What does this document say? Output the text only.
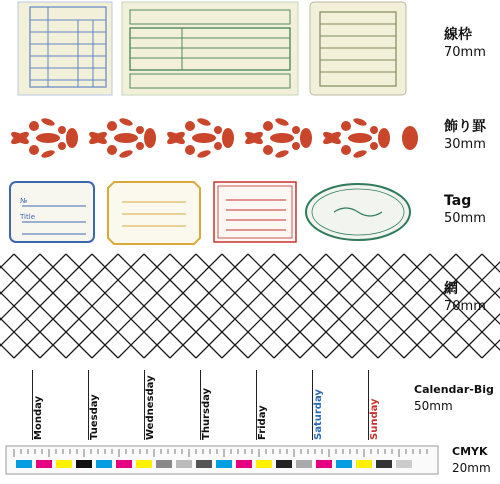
線枠
70mm
飾り罫
30mm
№
Title
Tag
50mm
網
70mm
Monday	Tuesday	Wednesday	Thursday	Friday	Saturday	Sunday
Calendar-Big
50mm
CMYK
20mm
